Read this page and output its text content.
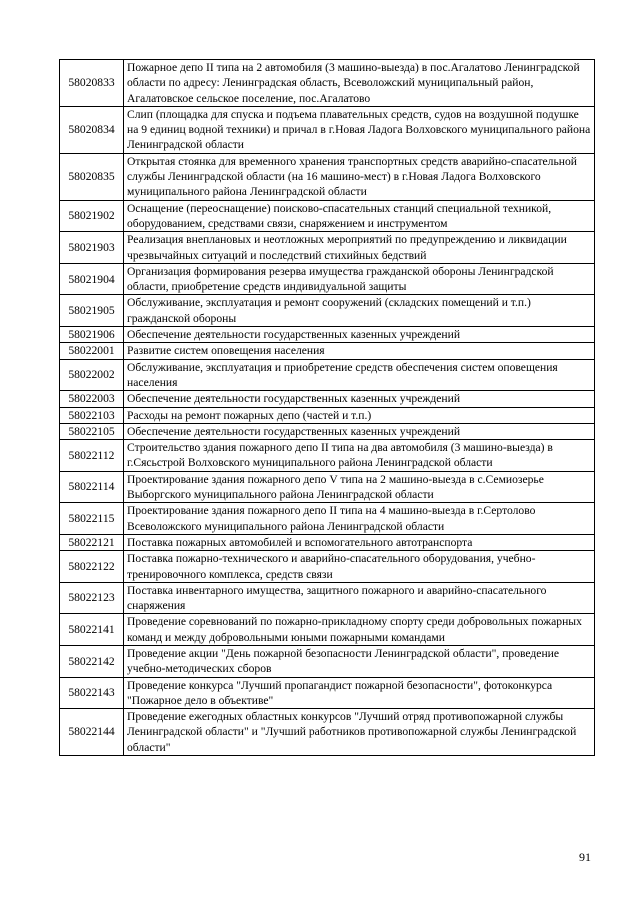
58020833	Пожарное депо II типа на 2 автомобиля (3 машино-выезда) в пос.Агалатово Ленинградской области по адресу: Ленинградская область, Всеволожский муниципальный район, Агалатовское сельское поселение, пос.Агалатово
58020834	Слип (площадка для спуска и подъема плавательных средств, судов на воздушной подушке на 9 единиц водной техники) и причал в г.Новая Ладога Волховского муниципального района Ленинградской области
58020835	Открытая стоянка для временного хранения транспортных средств аварийно-спасательной службы Ленинградской области (на 16 машино-мест) в г.Новая Ладога Волховского муниципального района Ленинградской области
58021902	Оснащение (переоснащение) поисково-спасательных станций специальной техникой, оборудованием, средствами связи, снаряжением и инструментом
58021903	Реализация внеплановых и неотложных мероприятий по предупреждению и ликвидации чрезвычайных ситуаций и последствий стихийных бедствий
58021904	Организация формирования резерва имущества гражданской обороны Ленинградской области, приобретение средств индивидуальной защиты
58021905	Обслуживание, эксплуатация и ремонт сооружений (складских помещений и т.п.) гражданской обороны
58021906	Обеспечение деятельности государственных казенных учреждений
58022001	Развитие систем оповещения населения
58022002	Обслуживание, эксплуатация и приобретение средств обеспечения систем оповещения населения
58022003	Обеспечение деятельности государственных казенных учреждений
58022103	Расходы на ремонт пожарных депо (частей и т.п.)
58022105	Обеспечение деятельности государственных казенных учреждений
58022112	Строительство здания пожарного депо II типа на два автомобиля (3 машино-выезда) в г.Сясьстрой Волховского муниципального района Ленинградской области
58022114	Проектирование здания пожарного депо V типа на 2 машино-выезда в с.Семиозерье Выборгского муниципального района Ленинградской области
58022115	Проектирование здания пожарного депо II типа на 4 машино-выезда в г.Сертолово Всеволожского муниципального района Ленинградской области
58022121	Поставка пожарных автомобилей и вспомогательного автотранспорта
58022122	Поставка пожарно-технического и аварийно-спасательного оборудования, учебно-тренировочного комплекса, средств связи
58022123	Поставка инвентарного имущества, защитного пожарного и аварийно-спасательного снаряжения
58022141	Проведение соревнований по пожарно-прикладному спорту среди добровольных пожарных команд и между добровольными юными пожарными командами
58022142	Проведение акции "День пожарной безопасности Ленинградской области", проведение учебно-методических сборов
58022143	Проведение конкурса "Лучший пропагандист пожарной безопасности", фотоконкурса "Пожарное дело в объективе"
58022144	Проведение ежегодных областных конкурсов "Лучший отряд противопожарной службы Ленинградской области" и "Лучший работников противопожарной службы Ленинградской области"
91
